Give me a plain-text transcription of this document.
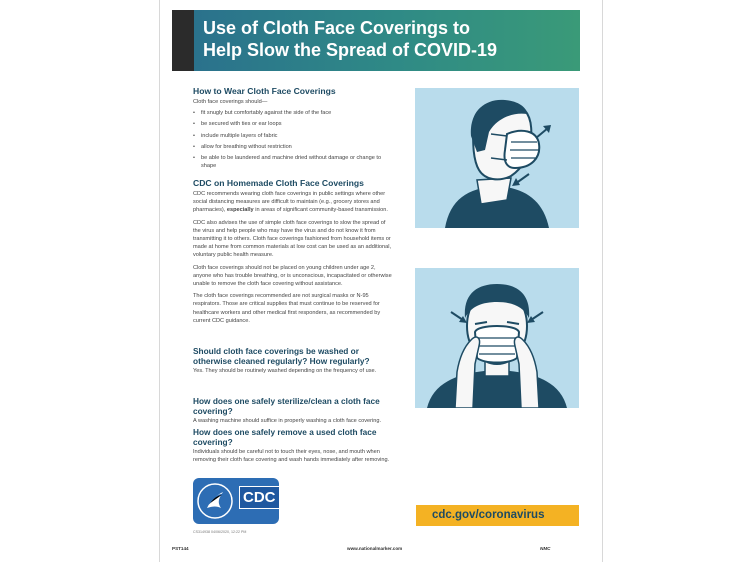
Use of Cloth Face Coverings to
Help Slow the Spread of COVID-19
How to Wear Cloth Face Coverings
Cloth face coverings should—
• fit snugly but comfortably against the side of the face
• be secured with ties or ear loops
• include multiple layers of fabric
• allow for breathing without restriction
• be able to be laundered and machine dried without damage or change to shape
CDC on Homemade Cloth Face Coverings
CDC recommends wearing cloth face coverings in public settings where other social distancing measures are difficult to maintain (e.g., grocery stores and pharmacies), especially in areas of significant community-based transmission.
CDC also advises the use of simple cloth face coverings to slow the spread of the virus and help people who may have the virus and do not know it from transmitting it to others. Cloth face coverings fashioned from household items or made at home from common materials at low cost can be used as an additional, voluntary public health measure.
Cloth face coverings should not be placed on young children under age 2, anyone who has trouble breathing, or is unconscious, incapacitated or otherwise unable to remove the cloth face covering without assistance.
The cloth face coverings recommended are not surgical masks or N-95 respirators. Those are critical supplies that must continue to be reserved for healthcare workers and other medical first responders, as recommended by current CDC guidance.
Should cloth face coverings be washed or otherwise cleaned regularly? How regularly?
Yes. They should be routinely washed depending on the frequency of use.
How does one safely sterilize/clean a cloth face covering?
A washing machine should suffice in properly washing a cloth face covering.
How does one safely remove a used cloth face covering?
Individuals should be careful not to touch their eyes, nose, and mouth when removing their cloth face covering and wash hands immediately after removing.
CDC
CS314938 04/06/2020, 12:22 PM
cdc.gov/coronavirus
PST144	www.nationalmarker.com	NMC
